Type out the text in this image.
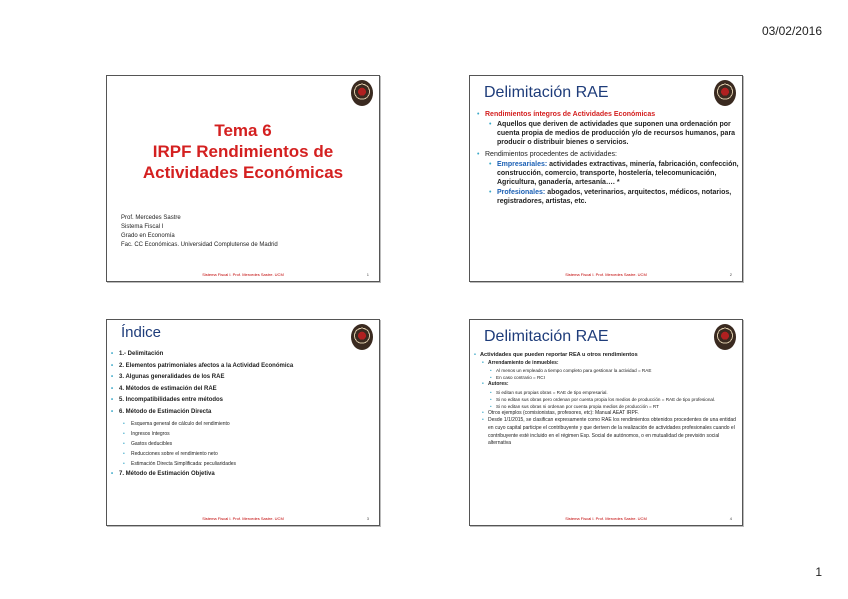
03/02/2016
Tema 6
IRPF Rendimientos de
Actividades Económicas
Prof. Mercedes Sastre
Sistema Fiscal I
Grado en Economía
Fac. CC Económicas. Universidad Complutense de Madrid
Sistema Fiscal I. Prof. Mercedes Sastre. UCM	1
Delimitación RAE
• Rendimientos íntegros de Actividades Económicas
• Aquellos que deriven de actividades que suponen una ordenación por cuenta propia de medios de producción y/o de recursos humanos, para producir o distribuir bienes o servicios.
• Rendimientos procedentes de actividades:
• Empresariales: actividades extractivas, minería, fabricación, confección, construcción, comercio, transporte, hostelería, telecomunicación, Agricultura, ganadería, artesanía…. *
• Profesionales: abogados, veterinarios, arquitectos, médicos, notarios, registradores, artistas, etc.
Sistema Fiscal I. Prof. Mercedes Sastre. UCM	2
Índice
• 1.- Delimitación
• 2. Elementos patrimoniales afectos a la Actividad Económica
• 3. Algunas generalidades de los RAE
• 4. Métodos de estimación del RAE
• 5. Incompatibilidades entre métodos
• 6. Método de Estimación Directa
•	Esquema general de cálculo del rendimiento
•	Ingresos íntegros
•	Gastos deducibles
•	Reducciones sobre el rendimiento neto
•	Estimación Directa Simplificada: peculiaridades
• 7. Método de Estimación Objetiva
Sistema Fiscal I. Prof. Mercedes Sastre. UCM	3
Delimitación RAE
• Actividades que pueden reportar REA u otros rendimientos
• Arrendamiento de inmuebles:
• Al menos un empleado a tiempo completo para gestionar la actividad = RAE
• En caso contrario = RCI
• Autores:
• Si editan sus propias obras = RAE de tipo empresarial.
• Si no editan sus obras pero ordenan por cuenta propia los medios de producción = RAE de tipo profesional.
• Si no editan sus obras ni ordenan por cuenta propia medios de producción = RT
• Otros ejemplos (comisionistas, profesores, etc): Manual AEAT IRPF.
• Desde 1/1/2015, se clasifican expresamente como RAE los rendimientos obtenidos procedentes de una entidad en cuyo capital participe el contribuyente y que deriven de la realización de actividades profesionales cuando el contribuyente esté incluido en el régimen Esp. Social de autónomos, o en mutualidad de previsión social alternativa
Sistema Fiscal I. Prof. Mercedes Sastre. UCM	4
1
